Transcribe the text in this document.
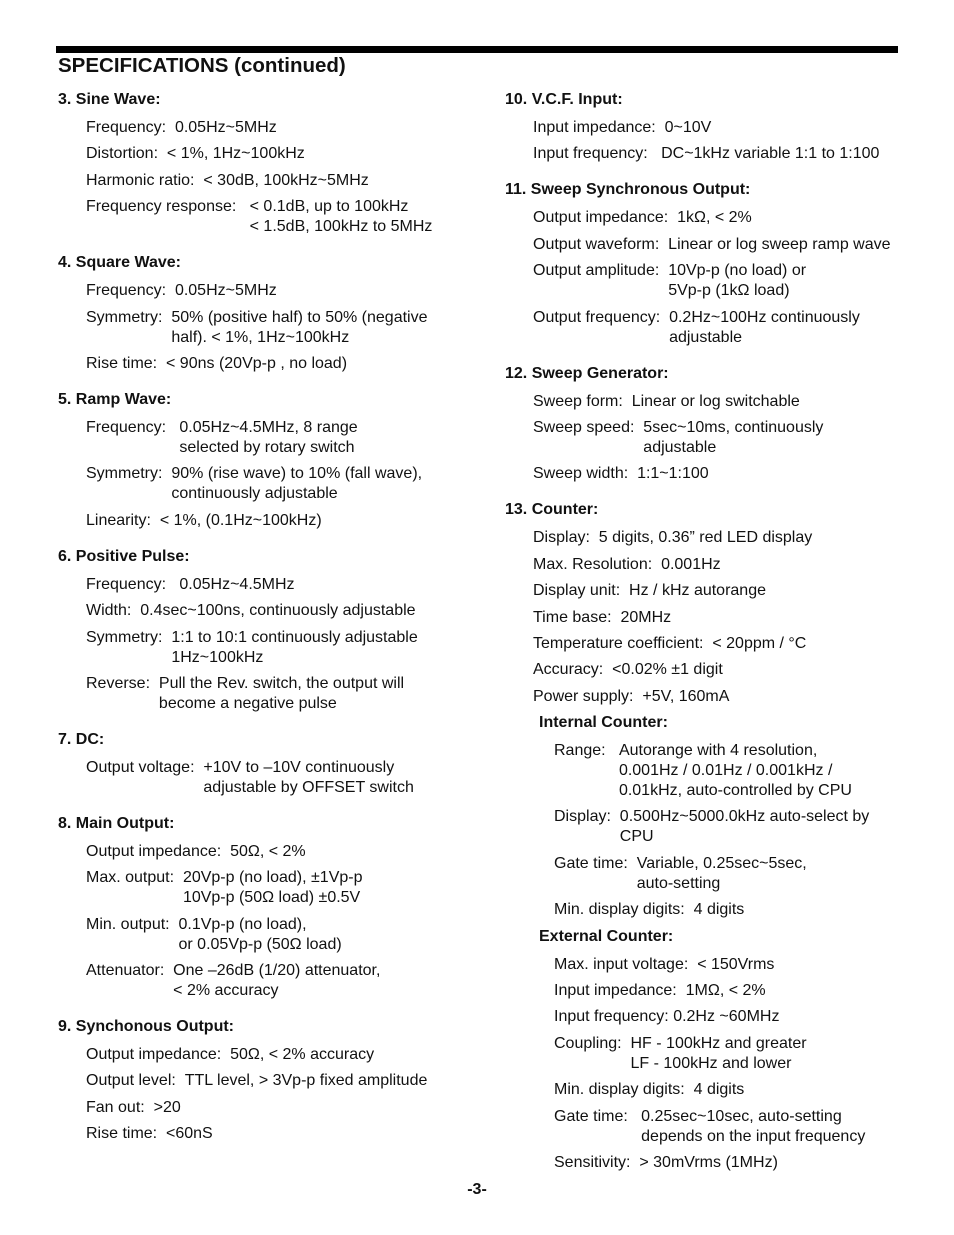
SPECIFICATIONS (continued)
3. Sine Wave:
Frequency: 0.05Hz~5MHz
Distortion: < 1%, 1Hz~100kHz
Harmonic ratio: < 30dB, 100kHz~5MHz
Frequency response: < 0.1dB, up to 100kHz
< 1.5dB, 100kHz to 5MHz
4. Square Wave:
Frequency: 0.05Hz~5MHz
Symmetry: 50% (positive half) to 50% (negative
half). < 1%, 1Hz~100kHz
Rise time: < 90ns (20Vp-p , no load)
5. Ramp Wave:
Frequency: 0.05Hz~4.5MHz, 8 range
selected by rotary switch
Symmetry: 90% (rise wave) to 10% (fall wave),
continuously adjustable
Linearity: < 1%, (0.1Hz~100kHz)
6. Positive Pulse:
Frequency: 0.05Hz~4.5MHz
Width: 0.4sec~100ns, continuously adjustable
Symmetry: 1:1 to 10:1 continuously adjustable
1Hz~100kHz
Reverse: Pull the Rev. switch, the output will
become a negative pulse
7. DC:
Output voltage: +10V to –10V continuously
adjustable by OFFSET switch
8. Main Output:
Output impedance: 50Ω, < 2%
Max. output: 20Vp-p (no load), ±1Vp-p
10Vp-p (50Ω load) ±0.5V
Min. output: 0.1Vp-p (no load),
or 0.05Vp-p (50Ω load)
Attenuator: One –26dB (1/20) attenuator,
< 2% accuracy
9. Synchonous Output:
Output impedance: 50Ω, < 2% accuracy
Output level: TTL level, > 3Vp-p fixed amplitude
Fan out: >20
Rise time: <60nS
10. V.C.F. Input:
Input impedance: 0~10V
Input frequency: DC~1kHz variable 1:1 to 1:100
11. Sweep Synchronous Output:
Output impedance: 1kΩ, < 2%
Output waveform: Linear or log sweep ramp wave
Output amplitude: 10Vp-p (no load) or
5Vp-p (1kΩ load)
Output frequency: 0.2Hz~100Hz continuously
adjustable
12. Sweep Generator:
Sweep form: Linear or log switchable
Sweep speed: 5sec~10ms, continuously
adjustable
Sweep width: 1:1~1:100
13. Counter:
Display: 5 digits, 0.36” red LED display
Max. Resolution: 0.001Hz
Display unit: Hz / kHz autorange
Time base: 20MHz
Temperature coefficient: < 20ppm / °C
Accuracy: <0.02% ±1 digit
Power supply: +5V, 160mA
Internal Counter:
Range: Autorange with 4 resolution,
0.001Hz / 0.01Hz / 0.001kHz /
0.01kHz, auto-controlled by CPU
Display: 0.500Hz~5000.0kHz auto-select by
CPU
Gate time: Variable, 0.25sec~5sec,
auto-setting
Min. display digits: 4 digits
External Counter:
Max. input voltage: < 150Vrms
Input impedance: 1MΩ, < 2%
Input frequency: 0.2Hz ~60MHz
Coupling: HF - 100kHz and greater
LF - 100kHz and lower
Min. display digits: 4 digits
Gate time: 0.25sec~10sec, auto-setting
depends on the input frequency
Sensitivity: > 30mVrms (1MHz)
-3-
